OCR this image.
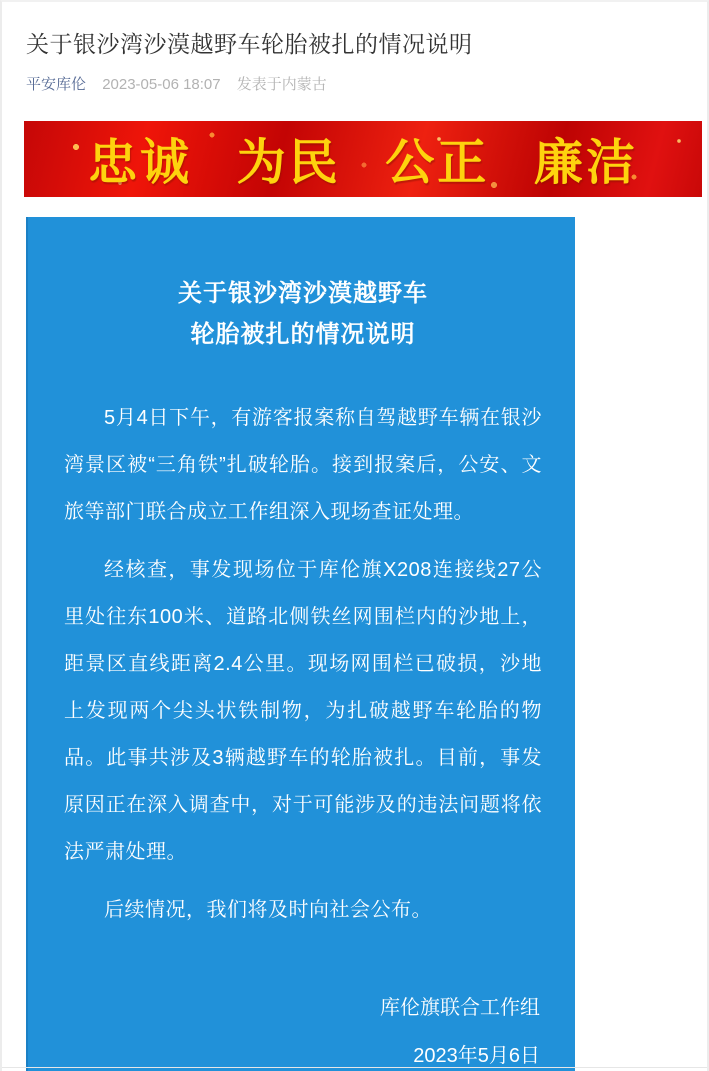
关于银沙湾沙漠越野车轮胎被扎的情况说明
平安库伦 2023-05-06 18:07 发表于内蒙古
忠诚 为民 公正 廉洁
关于银沙湾沙漠越野车
轮胎被扎的情况说明

5月4日下午，有游客报案称自驾越野车辆在银沙湾景区被“三角铁”扎破轮胎。接到报案后，公安、文旅等部门联合成立工作组深入现场查证处理。

经核查，事发现场位于库伦旗X208连接线27公里处往东100米、道路北侧铁丝网围栏内的沙地上，距景区直线距离2.4公里。现场网围栏已破损，沙地上发现两个尖头状铁制物，为扎破越野车轮胎的物品。此事共涉及3辆越野车的轮胎被扎。目前，事发原因正在深入调查中，对于可能涉及的违法问题将依法严肃处理。

后续情况，我们将及时向社会公布。

库伦旗联合工作组
2023年5月6日
